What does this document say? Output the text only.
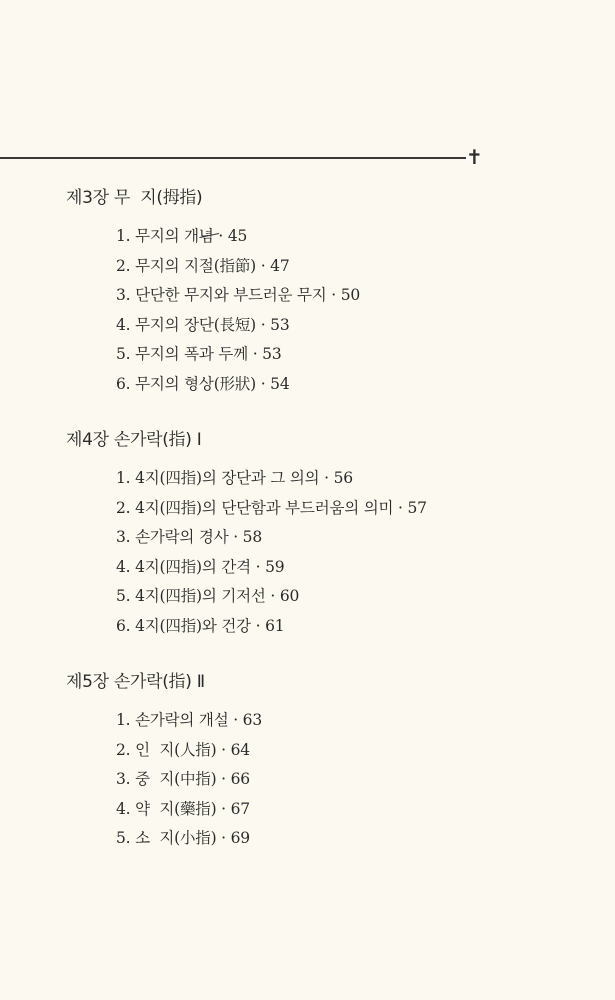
✝
제3장 무  지(拇指)
1. 무지의 개념 · 45
2. 무지의 지절(指節) · 47
3. 단단한 무지와 부드러운 무지 · 50
4. 무지의 장단(長短) · 53
5. 무지의 폭과 두께 · 53
6. 무지의 형상(形狀) · 54
제4장 손가락(指) Ⅰ
1. 4지(四指)의 장단과 그 의의 · 56
2. 4지(四指)의 단단함과 부드러움의 의미 · 57
3. 손가락의 경사 · 58
4. 4지(四指)의 간격 · 59
5. 4지(四指)의 기저선 · 60
6. 4지(四指)와 건강 · 61
제5장 손가락(指) Ⅱ
1. 손가락의 개설 · 63
2. 인  지(人指) · 64
3. 중  지(中指) · 66
4. 약  지(藥指) · 67
5. 소  지(小指) · 69
